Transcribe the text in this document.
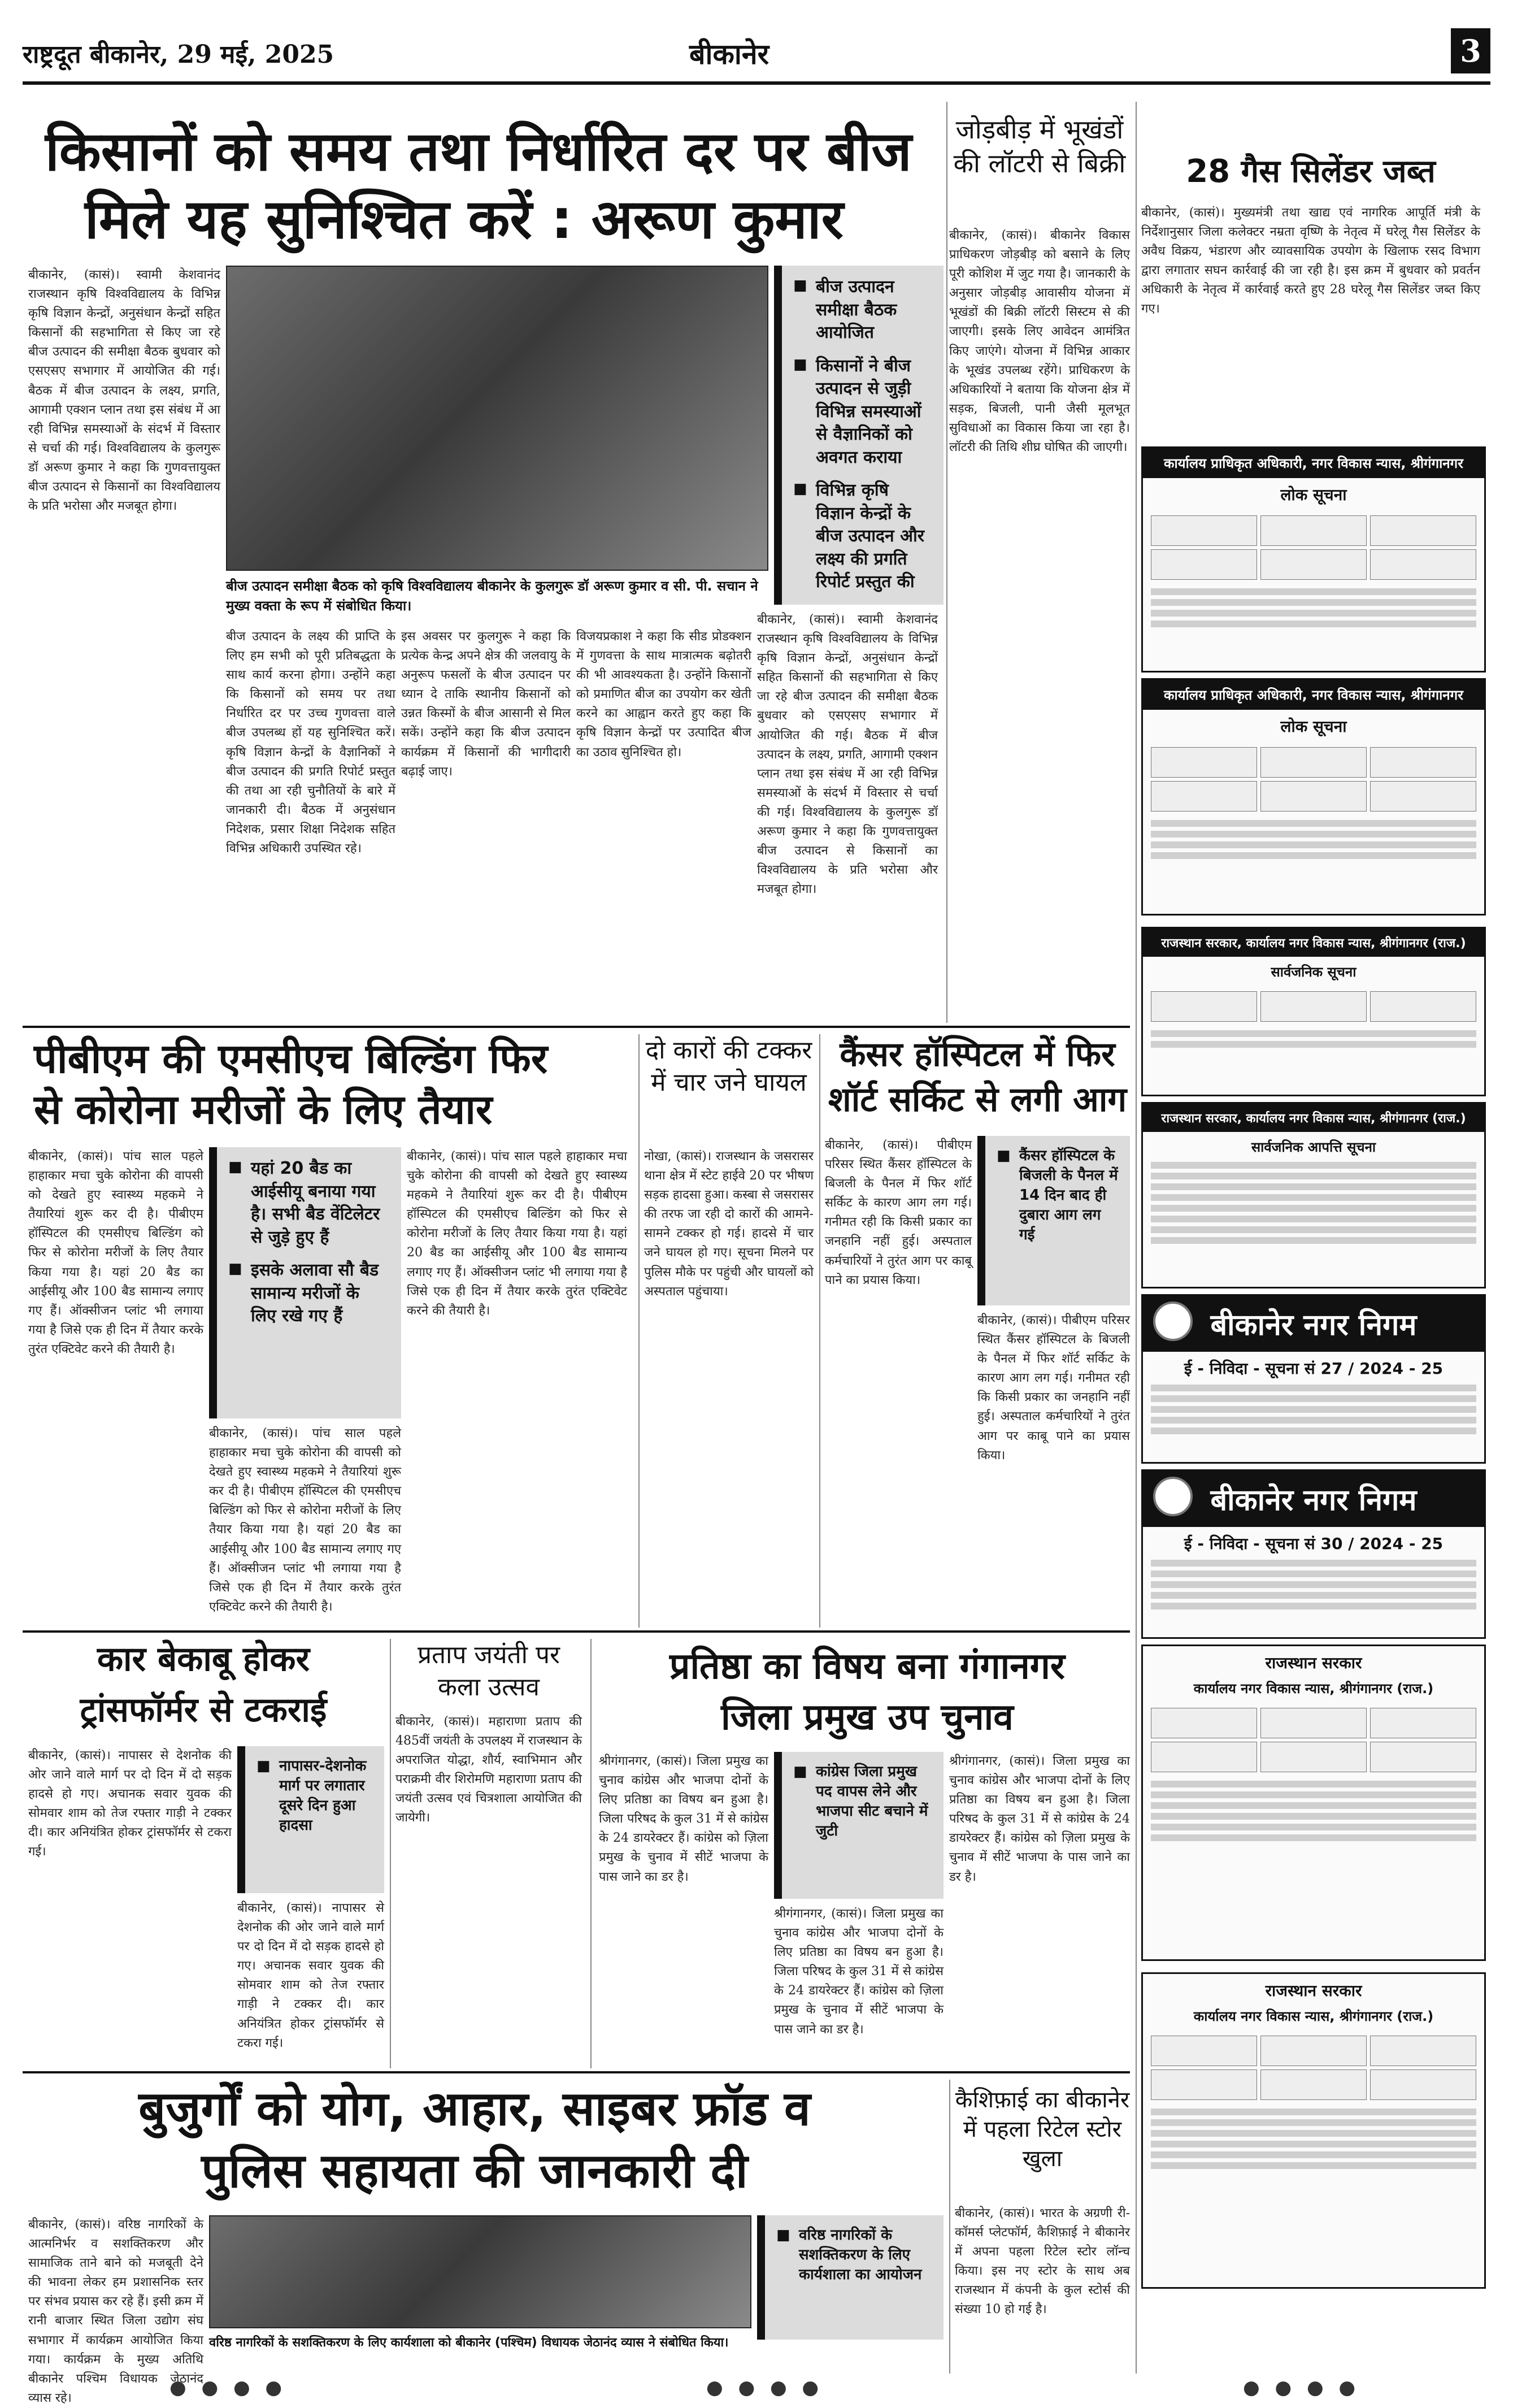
राष्ट्रदूत बीकानेर, 29 मई, 2025	बीकानेर	3
किसानों को समय तथा निर्धारित दर पर बीज
मिले यह सुनिश्चित करें : अरूण कुमार
बीकानेर, (कासं)। स्वामी केशवानंद राजस्थान कृषि विश्वविद्यालय के विभिन्न कृषि विज्ञान केन्द्रों, अनुसंधान केन्द्रों सहित किसानों की सहभागिता से किए जा रहे बीज उत्पादन की समीक्षा बैठक बुधवार को एसएसए सभागार में आयोजित की गई। बैठक में बीज उत्पादन के लक्ष्य, प्रगति, आगामी एक्शन प्लान तथा इस संबंध में आ रही विभिन्न समस्याओं के संदर्भ में विस्तार से चर्चा की गई। विश्वविद्यालय के कुलगुरू डॉ अरूण कुमार ने कहा कि गुणवत्तायुक्त बीज उत्पादन से किसानों का विश्वविद्यालय के प्रति भरोसा और मजबूत होगा।
■ बीज उत्पादन समीक्षा बैठक आयोजित
■ किसानों ने बीज उत्पादन से जुड़ी विभिन्न समस्याओं से वैज्ञानिकों को अवगत कराया
■ विभिन्न कृषि विज्ञान केन्द्रों के बीज उत्पादन और लक्ष्य की प्रगति रिपोर्ट प्रस्तुत की
बीज उत्पादन समीक्षा बैठक को कृषि विश्वविद्यालय बीकानेर के कुलगुरू डॉ अरूण कुमार व सी. पी. सचान ने मुख्य वक्ता के रूप में संबोधित किया।
बीज उत्पादन के लक्ष्य की प्राप्ति के लिए हम सभी को पूरी प्रतिबद्धता के साथ कार्य करना होगा। उन्होंने कहा कि किसानों को समय पर तथा निर्धारित दर पर उच्च गुणवत्ता वाले बीज उपलब्ध हों यह सुनिश्चित करें। कृषि विज्ञान केन्द्रों के वैज्ञानिकों ने बीज उत्पादन की प्रगति रिपोर्ट प्रस्तुत की तथा आ रही चुनौतियों के बारे में जानकारी दी। बैठक में अनुसंधान निदेशक, प्रसार शिक्षा निदेशक सहित विभिन्न अधिकारी उपस्थित रहे।
इस अवसर पर कुलगुरू ने कहा कि प्रत्येक केन्द्र अपने क्षेत्र की जलवायु के अनुरूप फसलों के बीज उत्पादन पर ध्यान दे ताकि स्थानीय किसानों को उन्नत किस्मों के बीज आसानी से मिल सकें। उन्होंने कहा कि बीज उत्पादन कार्यक्रम में किसानों की भागीदारी बढ़ाई जाए।
विजयप्रकाश ने कहा कि सीड प्रोडक्शन में गुणवत्ता के साथ मात्रात्मक बढ़ोतरी की भी आवश्यकता है। उन्होंने किसानों को प्रमाणित बीज का उपयोग कर खेती करने का आह्वान करते हुए कहा कि कृषि विज्ञान केन्द्रों पर उत्पादित बीज का उठाव सुनिश्चित हो।
बीकानेर, (कासं)। स्वामी केशवानंद राजस्थान कृषि विश्वविद्यालय के विभिन्न कृषि विज्ञान केन्द्रों, अनुसंधान केन्द्रों सहित किसानों की सहभागिता से किए जा रहे बीज उत्पादन की समीक्षा बैठक बुधवार को एसएसए सभागार में आयोजित की गई। बैठक में बीज उत्पादन के लक्ष्य, प्रगति, आगामी एक्शन प्लान तथा इस संबंध में आ रही विभिन्न समस्याओं के संदर्भ में विस्तार से चर्चा की गई। विश्वविद्यालय के कुलगुरू डॉ अरूण कुमार ने कहा कि गुणवत्तायुक्त बीज उत्पादन से किसानों का विश्वविद्यालय के प्रति भरोसा और मजबूत होगा।
जोड़बीड़ में भूखंडों की लॉटरी से बिक्री
बीकानेर, (कासं)। बीकानेर विकास प्राधिकरण जोड़बीड़ को बसाने के लिए पूरी कोशिश में जुट गया है। जानकारी के अनुसार जोड़बीड़ आवासीय योजना में भूखंडों की बिक्री लॉटरी सिस्टम से की जाएगी। इसके लिए आवेदन आमंत्रित किए जाएंगे। योजना में विभिन्न आकार के भूखंड उपलब्ध रहेंगे। प्राधिकरण के अधिकारियों ने बताया कि योजना क्षेत्र में सड़क, बिजली, पानी जैसी मूलभूत सुविधाओं का विकास किया जा रहा है। लॉटरी की तिथि शीघ्र घोषित की जाएगी।
28 गैस सिलेंडर जब्त
बीकानेर, (कासं)। मुख्यमंत्री तथा खाद्य एवं नागरिक आपूर्ति मंत्री के निर्देशानुसार जिला कलेक्टर नम्रता वृष्णि के नेतृत्व में घरेलू गैस सिलेंडर के अवैध विक्रय, भंडारण और व्यावसायिक उपयोग के खिलाफ रसद विभाग द्वारा लगातार सघन कार्रवाई की जा रही है। इस क्रम में बुधवार को प्रवर्तन अधिकारी के नेतृत्व में कार्रवाई करते हुए 28 घरेलू गैस सिलेंडर जब्त किए गए।
कार्यालय प्राधिकृत अधिकारी, नगर विकास न्यास, श्रीगंगानगर
लोक सूचना
कार्यालय प्राधिकृत अधिकारी, नगर विकास न्यास, श्रीगंगानगर
लोक सूचना
पीबीएम की एमसीएच बिल्डिंग फिर
से कोरोना मरीजों के लिए तैयार
बीकानेर, (कासं)। पांच साल पहले हाहाकार मचा चुके कोरोना की वापसी को देखते हुए स्वास्थ्य महकमे ने तैयारियां शुरू कर दी है। पीबीएम हॉस्पिटल की एमसीएच बिल्डिंग को फिर से कोरोना मरीजों के लिए तैयार किया गया है। यहां 20 बैड का आईसीयू और 100 बैड सामान्य लगाए गए हैं। ऑक्सीजन प्लांट भी लगाया गया है जिसे एक ही दिन में तैयार करके तुरंत एक्टिवेट करने की तैयारी है।
■ यहां 20 बैड का आईसीयू बनाया गया है। सभी बैड वेंटिलेटर से जुड़े हुए हैं
■ इसके अलावा सौ बैड सामान्य मरीजों के लिए रखे गए हैं
बीकानेर, (कासं)। पांच साल पहले हाहाकार मचा चुके कोरोना की वापसी को देखते हुए स्वास्थ्य महकमे ने तैयारियां शुरू कर दी है। पीबीएम हॉस्पिटल की एमसीएच बिल्डिंग को फिर से कोरोना मरीजों के लिए तैयार किया गया है। यहां 20 बैड का आईसीयू और 100 बैड सामान्य लगाए गए हैं। ऑक्सीजन प्लांट भी लगाया गया है जिसे एक ही दिन में तैयार करके तुरंत एक्टिवेट करने की तैयारी है।
बीकानेर, (कासं)। पांच साल पहले हाहाकार मचा चुके कोरोना की वापसी को देखते हुए स्वास्थ्य महकमे ने तैयारियां शुरू कर दी है। पीबीएम हॉस्पिटल की एमसीएच बिल्डिंग को फिर से कोरोना मरीजों के लिए तैयार किया गया है। यहां 20 बैड का आईसीयू और 100 बैड सामान्य लगाए गए हैं। ऑक्सीजन प्लांट भी लगाया गया है जिसे एक ही दिन में तैयार करके तुरंत एक्टिवेट करने की तैयारी है।
दो कारों की टक्कर में चार जने घायल
नोखा, (कासं)। राजस्थान के जसरासर थाना क्षेत्र में स्टेट हाईवे 20 पर भीषण सड़क हादसा हुआ। कस्बा से जसरासर की तरफ जा रही दो कारों की आमने-सामने टक्कर हो गई। हादसे में चार जने घायल हो गए। सूचना मिलने पर पुलिस मौके पर पहुंची और घायलों को अस्पताल पहुंचाया।
कैंसर हॉस्पिटल में फिर
शॉर्ट सर्किट से लगी आग
बीकानेर, (कासं)। पीबीएम परिसर स्थित कैंसर हॉस्पिटल के बिजली के पैनल में फिर शॉर्ट सर्किट के कारण आग लग गई। गनीमत रही कि किसी प्रकार का जनहानि नहीं हुई। अस्पताल कर्मचारियों ने तुरंत आग पर काबू पाने का प्रयास किया।
■ कैंसर हॉस्पिटल के बिजली के पैनल में 14 दिन बाद ही दुबारा आग लग गई
बीकानेर, (कासं)। पीबीएम परिसर स्थित कैंसर हॉस्पिटल के बिजली के पैनल में फिर शॉर्ट सर्किट के कारण आग लग गई। गनीमत रही कि किसी प्रकार का जनहानि नहीं हुई। अस्पताल कर्मचारियों ने तुरंत आग पर काबू पाने का प्रयास किया।
राजस्थान सरकार, कार्यालय नगर विकास न्यास, श्रीगंगानगर (राज.)
सार्वजनिक सूचना
राजस्थान सरकार, कार्यालय नगर विकास न्यास, श्रीगंगानगर (राज.)
सार्वजनिक आपत्ति सूचना
बीकानेर नगर निगम
ई - निविदा - सूचना सं 27 / 2024 - 25
बीकानेर नगर निगम
ई - निविदा - सूचना सं 30 / 2024 - 25
कार बेकाबू होकर
ट्रांसफॉर्मर से टकराई
बीकानेर, (कासं)। नापासर से देशनोक की ओर जाने वाले मार्ग पर दो दिन में दो सड़क हादसे हो गए। अचानक सवार युवक की सोमवार शाम को तेज रफ्तार गाड़ी ने टक्कर दी। कार अनियंत्रित होकर ट्रांसफॉर्मर से टकरा गई।
■ नापासर-देशनोक मार्ग पर लगातार दूसरे दिन हुआ हादसा
बीकानेर, (कासं)। नापासर से देशनोक की ओर जाने वाले मार्ग पर दो दिन में दो सड़क हादसे हो गए। अचानक सवार युवक की सोमवार शाम को तेज रफ्तार गाड़ी ने टक्कर दी। कार अनियंत्रित होकर ट्रांसफॉर्मर से टकरा गई।
प्रताप जयंती पर कला उत्सव
बीकानेर, (कासं)। महाराणा प्रताप की 485वीं जयंती के उपलक्ष्य में राजस्थान के अपराजित योद्धा, शौर्य, स्वाभिमान और पराक्रमी वीर शिरोमणि महाराणा प्रताप की जयंती उत्सव एवं चित्रशाला आयोजित की जायेगी।
प्रतिष्ठा का विषय बना गंगानगर
जिला प्रमुख उप चुनाव
श्रीगंगानगर, (कासं)। जिला प्रमुख का चुनाव कांग्रेस और भाजपा दोनों के लिए प्रतिष्ठा का विषय बन हुआ है। जिला परिषद के कुल 31 में से कांग्रेस के 24 डायरेक्टर हैं। कांग्रेस को ज़िला प्रमुख के चुनाव में सीटें भाजपा के पास जाने का डर है।
■ कांग्रेस जिला प्रमुख पद वापस लेने और भाजपा सीट बचाने में जुटी
श्रीगंगानगर, (कासं)। जिला प्रमुख का चुनाव कांग्रेस और भाजपा दोनों के लिए प्रतिष्ठा का विषय बन हुआ है। जिला परिषद के कुल 31 में से कांग्रेस के 24 डायरेक्टर हैं। कांग्रेस को ज़िला प्रमुख के चुनाव में सीटें भाजपा के पास जाने का डर है।
श्रीगंगानगर, (कासं)। जिला प्रमुख का चुनाव कांग्रेस और भाजपा दोनों के लिए प्रतिष्ठा का विषय बन हुआ है। जिला परिषद के कुल 31 में से कांग्रेस के 24 डायरेक्टर हैं। कांग्रेस को ज़िला प्रमुख के चुनाव में सीटें भाजपा के पास जाने का डर है।
राजस्थान सरकार
कार्यालय नगर विकास न्यास, श्रीगंगानगर (राज.)
राजस्थान सरकार
कार्यालय नगर विकास न्यास, श्रीगंगानगर (राज.)
बुजुर्गों को योग, आहार, साइबर फ्रॉड व
पुलिस सहायता की जानकारी दी
बीकानेर, (कासं)। वरिष्ठ नागरिकों के आत्मनिर्भर व सशक्तिकरण और सामाजिक ताने बाने को मजबूती देने की भावना लेकर हम प्रशासनिक स्तर पर संभव प्रयास कर रहे हैं। इसी क्रम में रानी बाजार स्थित जिला उद्योग संघ सभागार में कार्यक्रम आयोजित किया गया। कार्यक्रम के मुख्य अतिथि बीकानेर पश्चिम विधायक जेठानंद व्यास रहे।
वरिष्ठ नागरिकों के सशक्तिकरण के लिए कार्यशाला को बीकानेर (पश्चिम) विधायक जेठानंद व्यास ने संबोधित किया।
■ वरिष्ठ नागरिकों के सशक्तिकरण के लिए कार्यशाला का आयोजन
कैशिफ़ाई का बीकानेर में पहला रिटेल स्टोर खुला
बीकानेर, (कासं)। भारत के अग्रणी री-कॉमर्स प्लेटफॉर्म, कैशिफ़ाई ने बीकानेर में अपना पहला रिटेल स्टोर लॉन्च किया। इस नए स्टोर के साथ अब राजस्थान में कंपनी के कुल स्टोर्स की संख्या 10 हो गई है।
● ● ● ●	● ● ● ●	● ● ● ●
